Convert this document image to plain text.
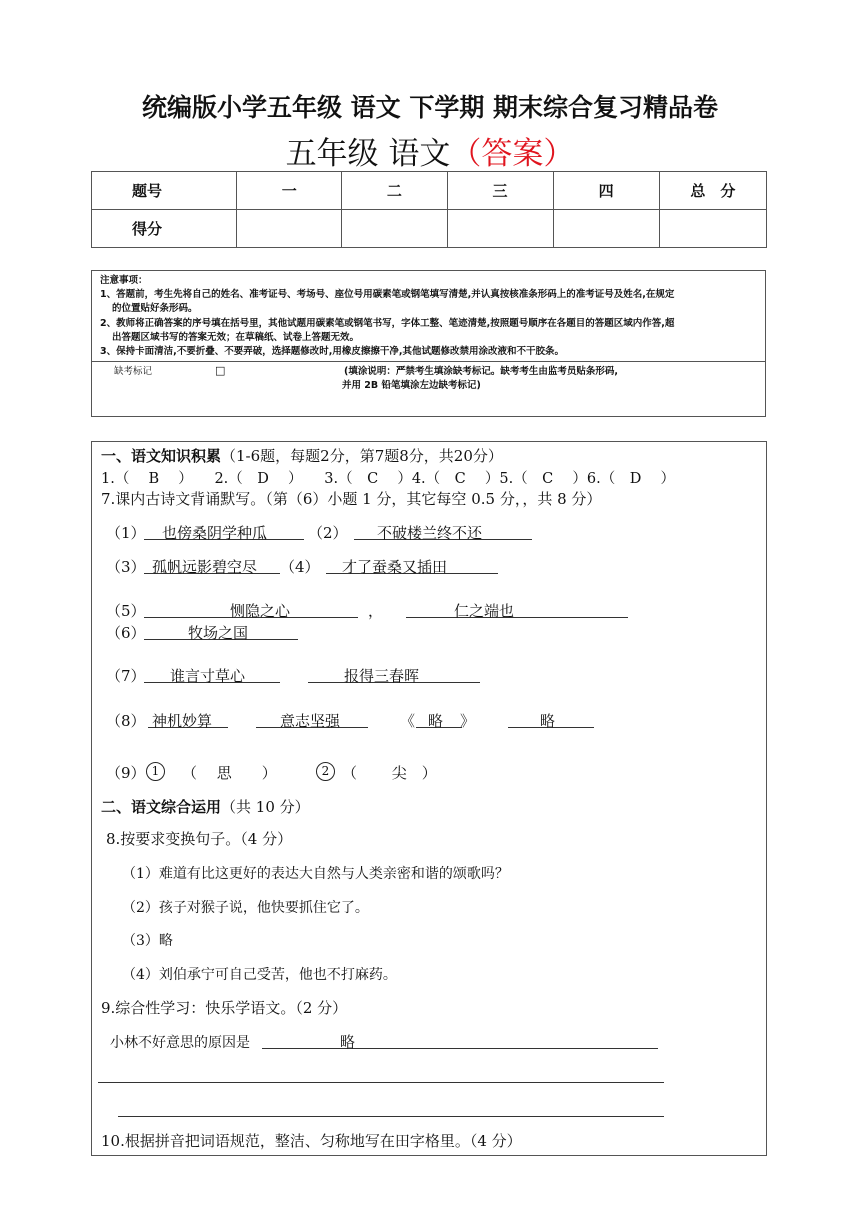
统编版小学五年级 语文 下学期 期末综合复习精品卷
五年级 语文（答案）
题号	一	二	三	四	总　分
得分					
注意事项：
1、答题前，考生先将自己的姓名、准考证号、考场号、座位号用碳素笔或钢笔填写清楚,并认真按核准条形码上的准考证号及姓名,在规定
的位置贴好条形码。
2、教师将正确答案的序号填在括号里，其他试题用碳素笔或钢笔书写，字体工整、笔迹清楚,按照题号顺序在各题目的答题区域内作答,超
出答题区域书写的答案无效；在草稿纸、试卷上答题无效。
3、保持卡面清洁,不要折叠、不要弄破，选择题修改时,用橡皮擦擦干净,其他试题修改禁用涂改液和不干胶条。
缺考标记	□	(填涂说明：严禁考生填涂缺考标记。缺考考生由监考员贴条形码,
并用 2B 铅笔填涂左边缺考标记)
一、语文知识积累（1-6题，每题2分，第7题8分，共20分）
1.（　 B　 ）　　2.（　D　 ）　　3.（　C　 ）4.（　C　 ）5.（　C　 ）6.（　D　 ）
7.课内古诗文背诵默写。（第（6）小题 1 分，其它每空 0.5 分，，共 8 分）
（1） 也傍桑阴学种瓜	（2） 不破楼兰终不还
（3） 孤帆远影碧空尽 （4） 才了蚕桑又插田
（5）	恻隐之心	，	仁之端也
（6）	牧场之国
（7） 谁言寸草心	报得三春晖
（8） 神机妙算	意志坚强	《 略 》	略
（9） 1	（　 思　　）	2 （　　 尖　）
二、语文综合运用（共 10 分）
8.按要求变换句子。（4 分）
（1）难道有比这更好的表达大自然与人类亲密和谐的颂歌吗？
（2）孩子对猴子说，他快要抓住它了。
（3）略
（4）刘伯承宁可自己受苦，他也不打麻药。
9.综合性学习：快乐学语文。（2 分）
小林不好意思的原因是	略
10.根据拼音把词语规范，整洁、匀称地写在田字格里。（4 分）
